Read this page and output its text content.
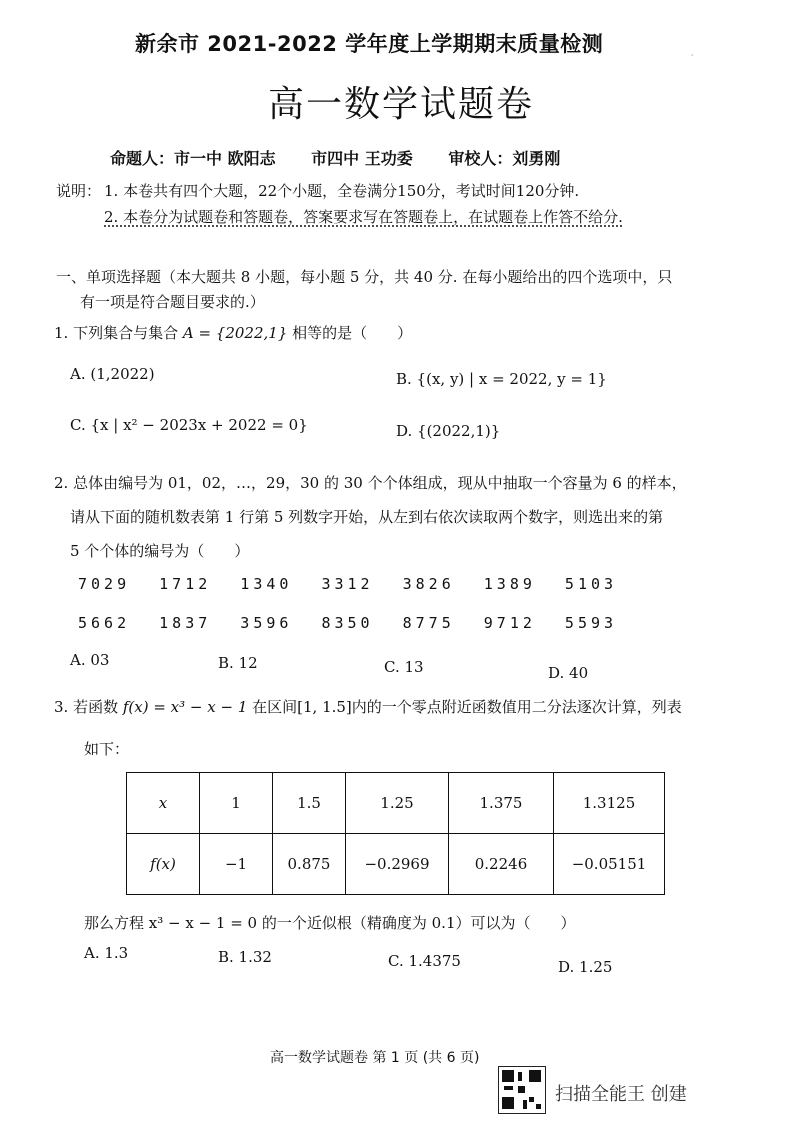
·
新余市 2021-2022 学年度上学期期末质量检测
高一数学试题卷
命题人：市一中 欧阳志 市四中 王功委 审校人：刘勇刚
说明： 1. 本卷共有四个大题，22个小题，全卷满分150分，考试时间120分钟.
2. 本卷分为试题卷和答题卷，答案要求写在答题卷上，在试题卷上作答不给分.
一、单项选择题（本大题共 8 小题，每小题 5 分，共 40 分. 在每小题给出的四个选项中，只
有一项是符合题目要求的.）
1. 下列集合与集合 A = {2022,1} 相等的是（　　）
A. (1,2022)	B. {(x, y) | x = 2022, y = 1}
C. {x | x² − 2023x + 2022 = 0}	D. {(2022,1)}
2. 总体由编号为 01，02，…，29，30 的 30 个个体组成，现从中抽取一个容量为 6 的样本，
请从下面的随机数表第 1 行第 5 列数字开始，从左到右依次读取两个数字，则选出来的第
5 个个体的编号为（　　）
7029 1712 1340 3312 3826 1389 5103
5662 1837 3596 8350 8775 9712 5593
A. 03	B. 12	C. 13	D. 40
3. 若函数 f(x) = x³ − x − 1 在区间[1, 1.5]内的一个零点附近函数值用二分法逐次计算，列表
如下：
x	1	1.5	1.25	1.375	1.3125
f(x)	−1	0.875	−0.2969	0.2246	−0.05151
那么方程 x³ − x − 1 = 0 的一个近似根（精确度为 0.1）可以为（　　）
A. 1.3	B. 1.32	C. 1.4375	D. 1.25
高一数学试题卷 第 1 页 (共 6 页)
扫描全能王 创建
